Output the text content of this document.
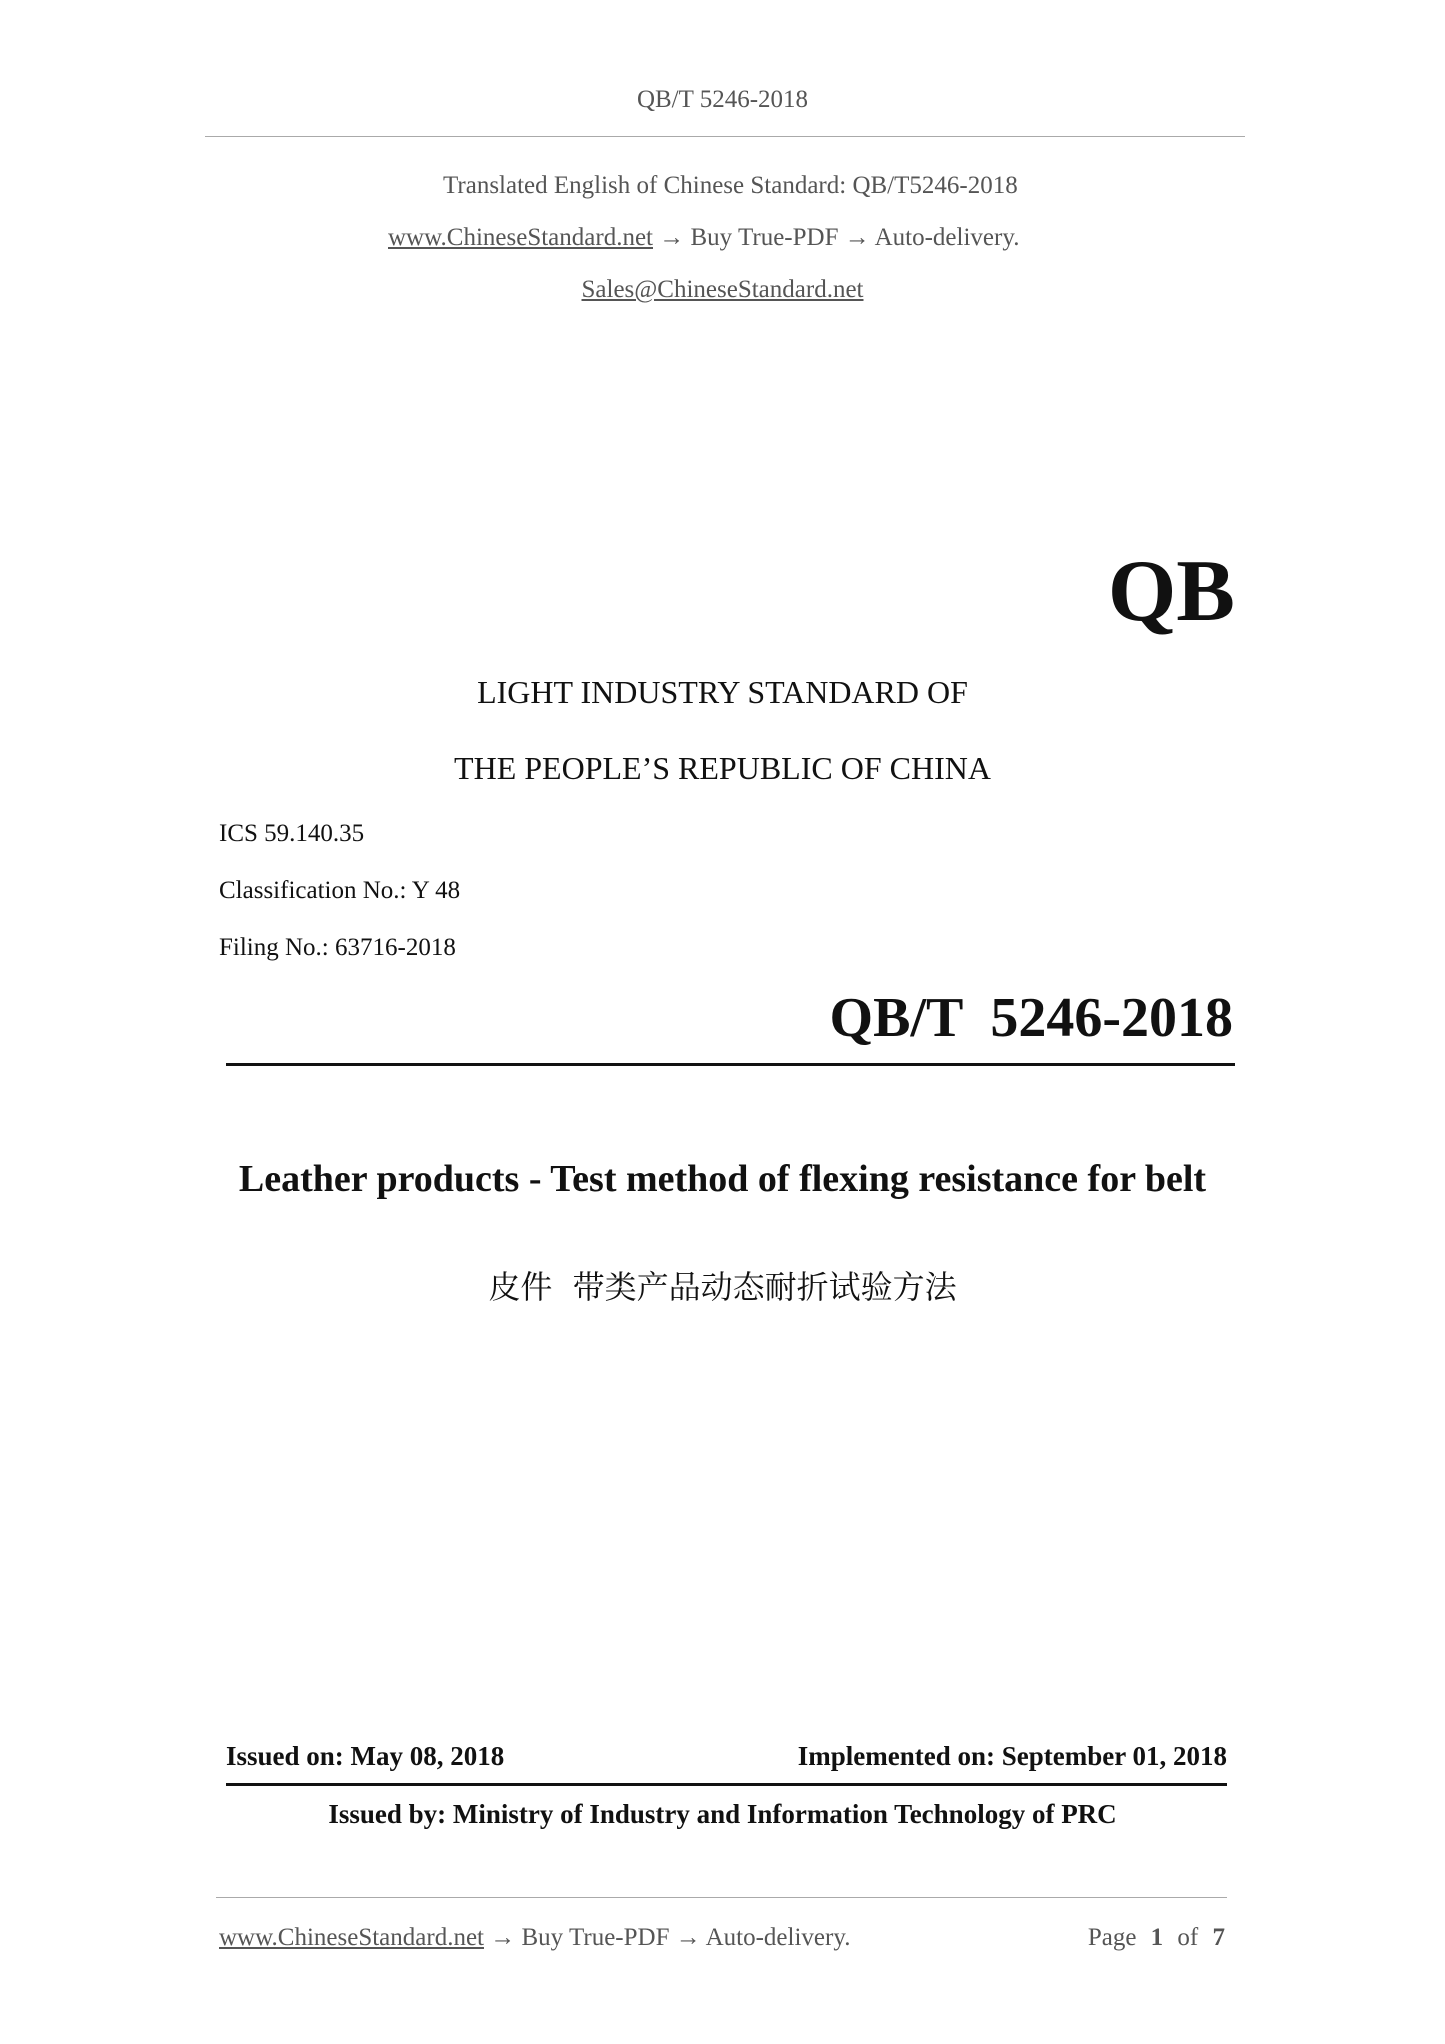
QB/T 5246-2018
Translated English of Chinese Standard: QB/T5246-2018
www.ChineseStandard.net → Buy True-PDF → Auto-delivery.
Sales@ChineseStandard.net
QB
LIGHT INDUSTRY STANDARD OF
THE PEOPLE’S REPUBLIC OF CHINA
ICS 59.140.35
Classification No.: Y 48
Filing No.: 63716-2018
QB/T  5246-2018
Leather products - Test method of flexing resistance for belt
皮件  带类产品动态耐折试验方法
Issued on: May 08, 2018	Implemented on: September 01, 2018
Issued by: Ministry of Industry and Information Technology of PRC
www.ChineseStandard.net → Buy True-PDF → Auto-delivery.	Page 1 of 7
